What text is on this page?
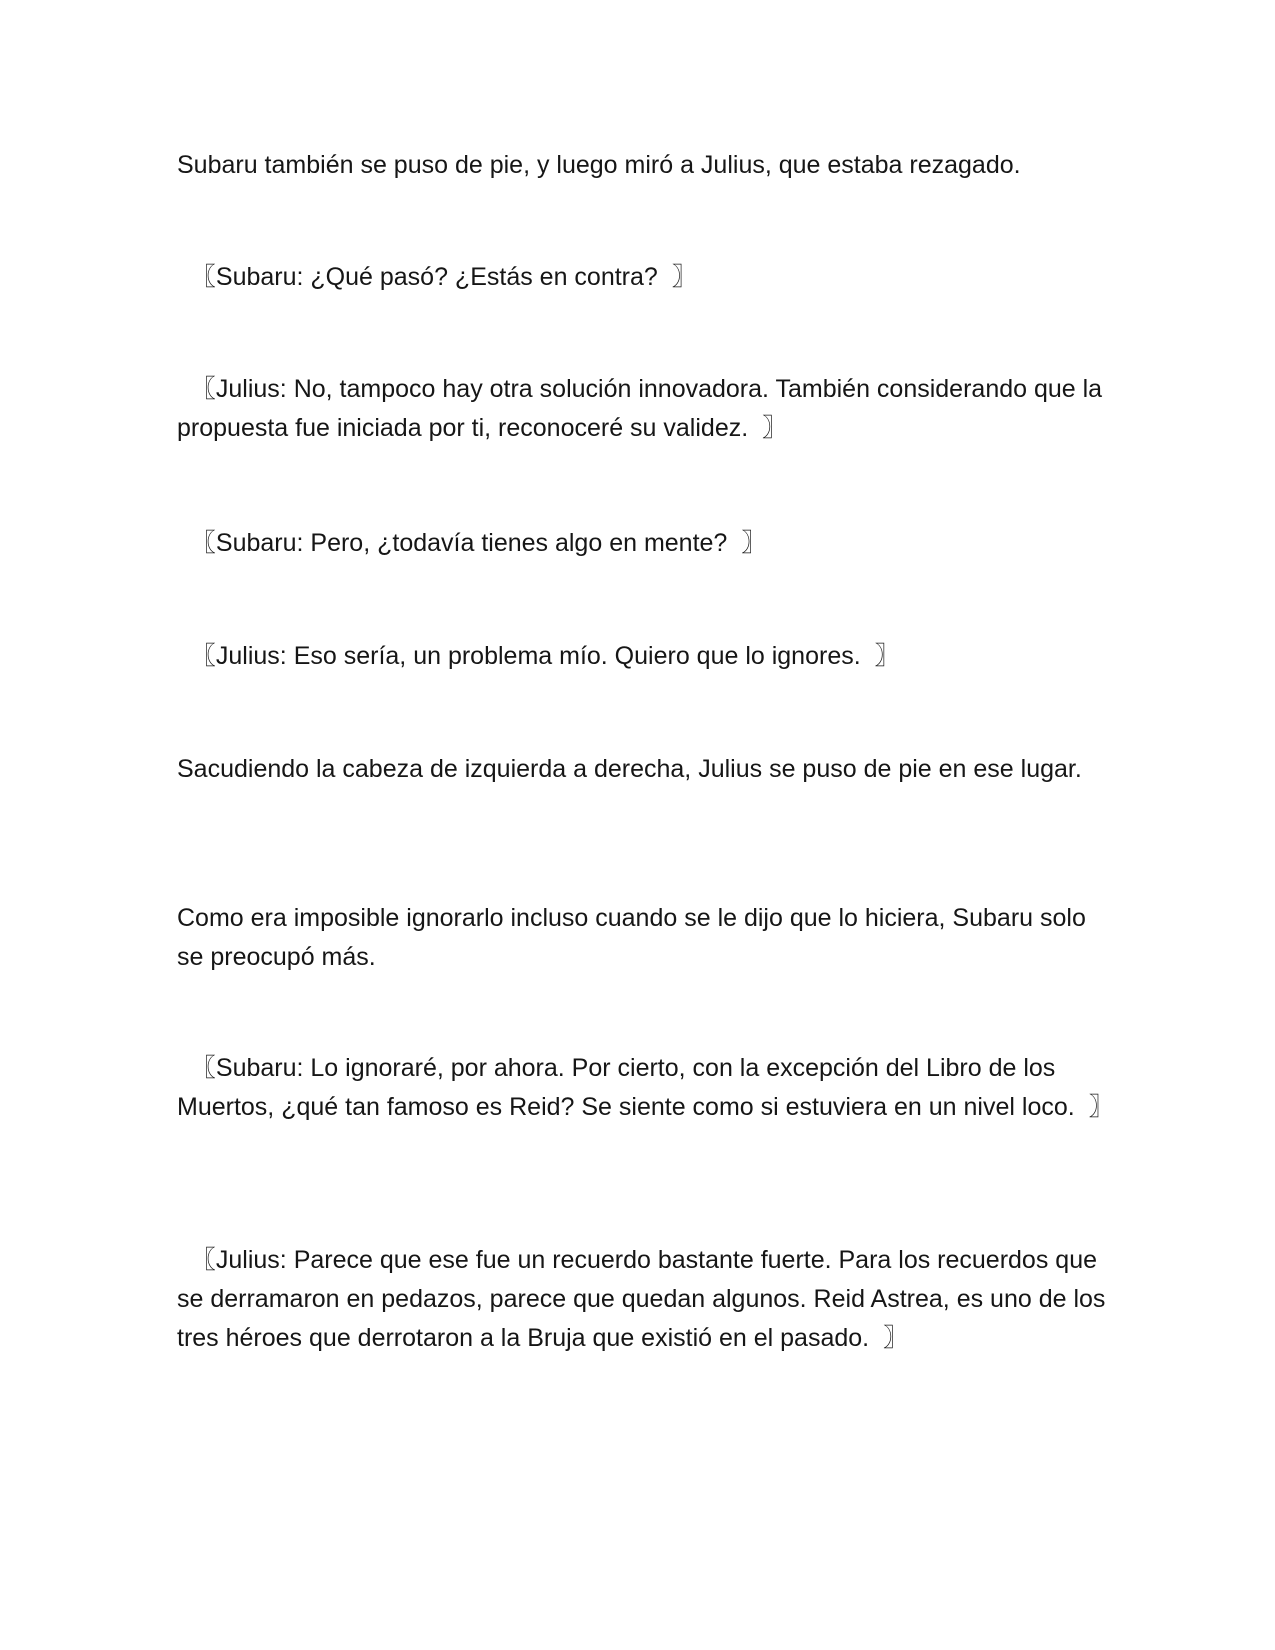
Subaru también se puso de pie, y luego miró a Julius, que estaba rezagado.

〖Subaru: ¿Qué pasó? ¿Estás en contra?  〗

〖Julius: No, tampoco hay otra solución innovadora. También considerando que la propuesta fue iniciada por ti, reconoceré su validez.  〗

〖Subaru: Pero, ¿todavía tienes algo en mente?  〗

〖Julius: Eso sería, un problema mío. Quiero que lo ignores.  〗

Sacudiendo la cabeza de izquierda a derecha, Julius se puso de pie en ese lugar.

Como era imposible ignorarlo incluso cuando se le dijo que lo hiciera, Subaru solo se preocupó más.

〖Subaru: Lo ignoraré, por ahora. Por cierto, con la excepción del Libro de los Muertos, ¿qué tan famoso es Reid? Se siente como si estuviera en un nivel loco.  〗

〖Julius: Parece que ese fue un recuerdo bastante fuerte. Para los recuerdos que se derramaron en pedazos, parece que quedan algunos. Reid Astrea, es uno de los tres héroes que derrotaron a la Bruja que existió en el pasado.  〗
